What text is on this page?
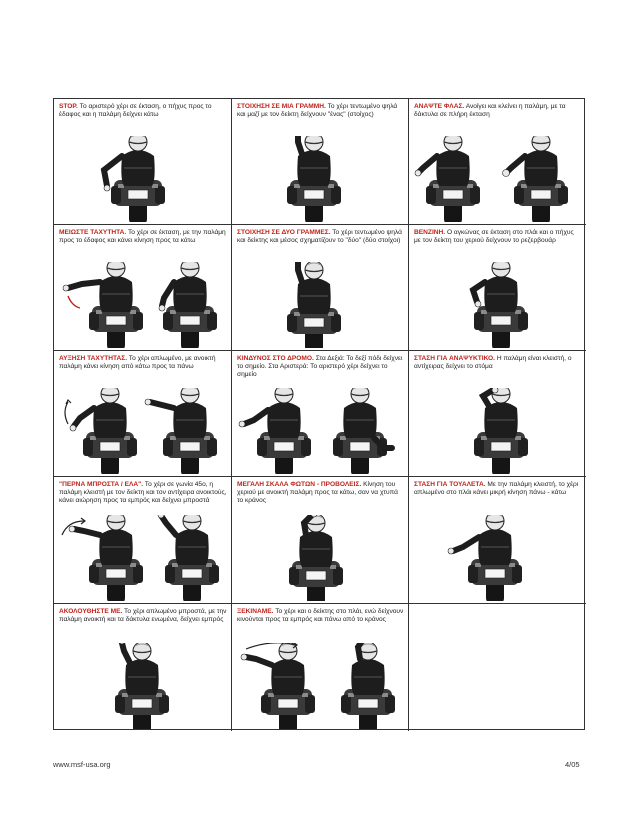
STOP. Το αριστερό χέρι σε έκταση, ο πήχυς προς το έδαφος και η παλάμη δείχνει κάτω
ΣΤΟΙΧΗΣΗ ΣΕ ΜΙΑ ΓΡΑΜΜΗ. Το χέρι τεντωμένο ψηλά και μαζί με τον δείκτη δείχνουν "ένας" (στοίχος)
ΑΝΑΨΤΕ ΦΛΑΣ. Ανοίγει και κλείνει η παλάμη, με τα δάκτυλα σε πλήρη έκταση
ΜΕΙΩΣΤΕ ΤΑΧΥΤΗΤΑ. Το χέρι σε έκταση, με την παλάμη προς το έδαφος και κάνει κίνηση προς τα κάτω
ΣΤΟΙΧΗΣΗ ΣΕ ΔΥΟ ΓΡΑΜΜΕΣ. Το χέρι τεντωμένο ψηλά και δείκτης και μέσος σχηματίζουν το "δύο" (δύο στοίχοι)
ΒΕΝΖΙΝΗ. Ο αγκώνας σε έκταση στο πλάι και ο πήχυς με τον δείκτη του χεριού δείχνουν το ρεζερβουάρ
ΑΥΞΗΣΗ ΤΑΧΥΤΗΤΑΣ. Το χέρι απλωμένο, με ανοικτή παλάμη κάνει κίνηση από κάτω προς τα πάνω
ΚΙΝΔΥΝΟΣ ΣΤΟ ΔΡΟΜΟ. Στα Δεξιά: Το δεξί πόδι δείχνει το σημείο. Στα Αριστερά: Το αριστερό χέρι δείχνει το σημείο
ΣΤΑΣΗ ΓΙΑ ΑΝΑΨΥΚΤΙΚΟ. Η παλάμη είναι κλειστή, ο αντίχειρας δείχνει το στόμα
"ΠΕΡΝΑ ΜΠΡΟΣΤΑ / ΕΛΑ". Το χέρι σε γωνία 45ο, η παλάμη κλειστή με τον δείκτη και τον αντίχειρα ανοικτούς, κάνει αιώρηση προς τα εμπρός και δείχνει μπροστά
ΜΕΓΑΛΗ ΣΚΑΛΑ ΦΩΤΩΝ - ΠΡΟΒΟΛΕΙΣ. Κίνηση του χεριού με ανοικτή παλάμη προς τα κάτω, σαν να χτυπά το κράνος
ΣΤΑΣΗ ΓΙΑ ΤΟΥΑΛΕΤΑ. Με την παλάμη κλειστή, το χέρι απλωμένο στο πλάι κάνει μικρή κίνηση πάνω - κάτω
ΑΚΟΛΟΥΘΗΣΤΕ ΜΕ. Το χέρι απλωμένο μπροστά, με την παλάμη ανοικτή και τα δάκτυλα ενωμένα, δείχνει εμπρός
ΞΕΚΙΝΑΜΕ. Το χέρι και ο δείκτης στο πλάι, ενώ δείχνουν κινούνται προς τα εμπρός και πάνω από το κράνος
www.msf-usa.org	4/05
